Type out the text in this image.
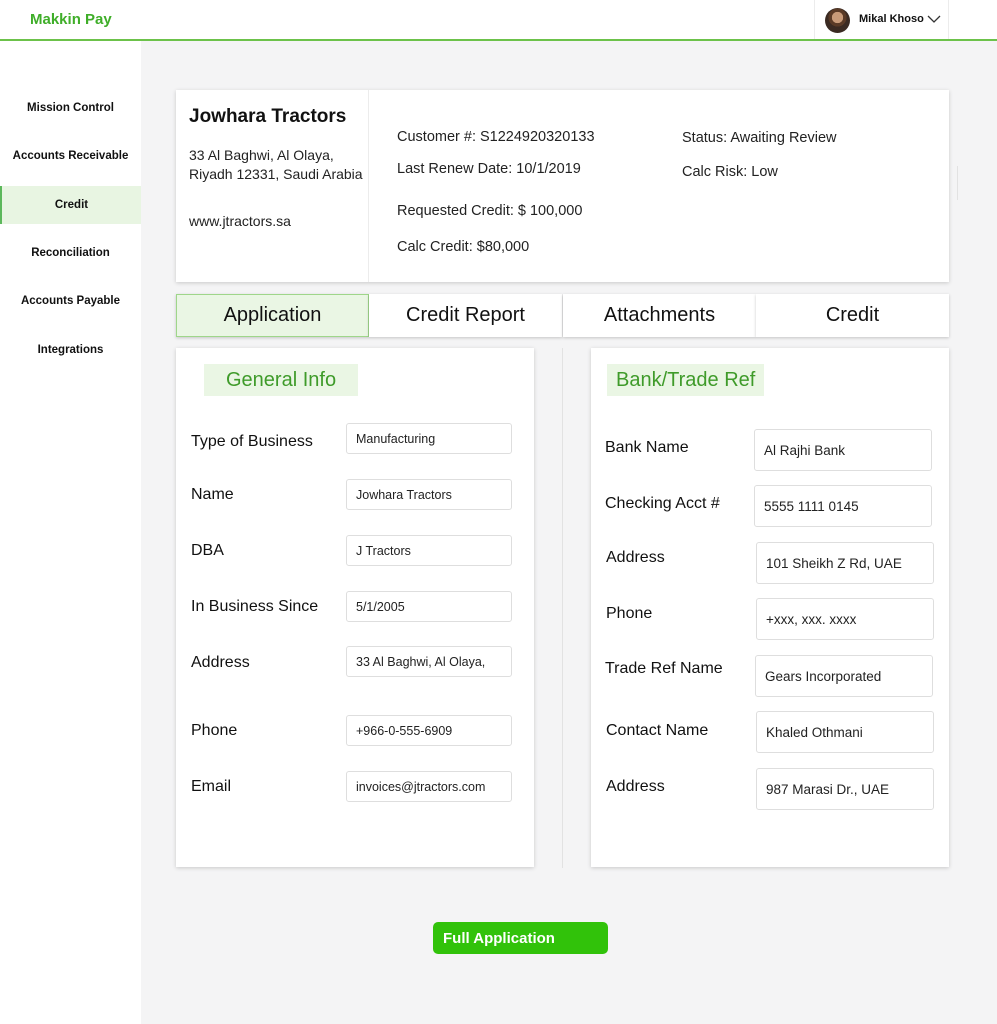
Makkin Pay	Mikal Khoso
Mission Control
Accounts Receivable
Credit
Reconciliation
Accounts Payable
Integrations
Jowhara Tractors
33 Al Baghwi, Al Olaya, Riyadh 12331, Saudi Arabia
www.jtractors.sa
Customer #: S1224920320133
Last Renew Date: 10/1/2019
Requested Credit: $ 100,000
Calc Credit: $80,000
Status: Awaiting Review
Calc Risk: Low
Application	Credit Report	Attachments	Credit
General Info
Type of Business	Manufacturing
Name	Jowhara Tractors
DBA	J Tractors
In Business Since	5/1/2005
Address	33 Al Baghwi, Al Olaya,
Phone	+966-0-555-6909
Email	invoices@jtractors.com
Bank/Trade Ref
Bank Name	Al Rajhi Bank
Checking Acct #	5555 1111 0145
Address	101 Sheikh Z Rd, UAE
Phone	+xxx, xxx. xxxx
Trade Ref Name	Gears Incorporated
Contact Name	Khaled Othmani
Address	987 Marasi Dr., UAE
Full Application
